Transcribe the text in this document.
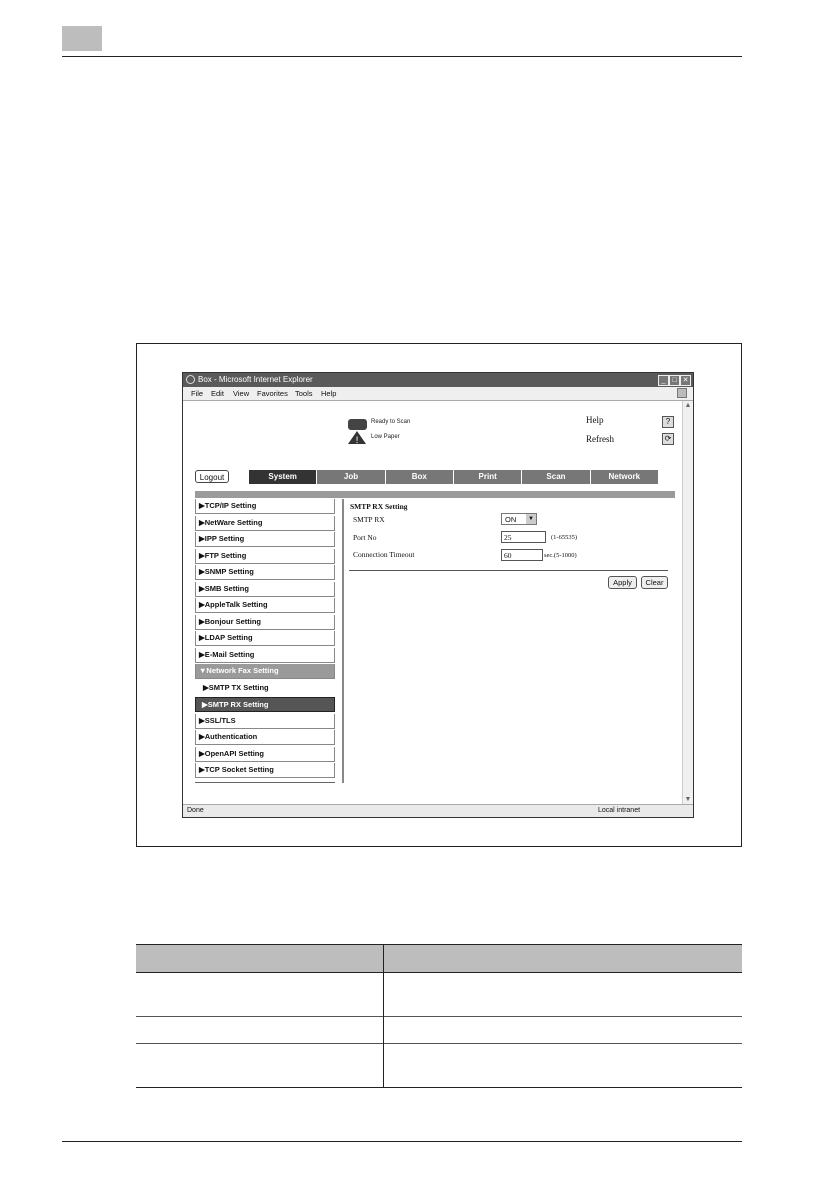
Box - Microsoft Internet Explorer	_ □ ✕
File Edit View Favorites Tools Help
▲
▼
Ready to Scan
! Low Paper
Help	?
Refresh	⟳
Logout	System	Job	Box	Print	Scan	Network
▶TCP/IP Setting
▶NetWare Setting
▶IPP Setting
▶FTP Setting
▶SNMP Setting
▶SMB Setting
▶AppleTalk Setting
▶Bonjour Setting
▶LDAP Setting
▶E-Mail Setting
▼Network Fax Setting
▶SMTP TX Setting
▶SMTP RX Setting
▶SSL/TLS
▶Authentication
▶OpenAPI Setting
▶TCP Socket Setting
SMTP RX Setting
SMTP RX	ON	▼
Port No	25	(1-65535)
Connection Timeout	60	sec.(5-1000)
Apply	Clear
Done	Local intranet
